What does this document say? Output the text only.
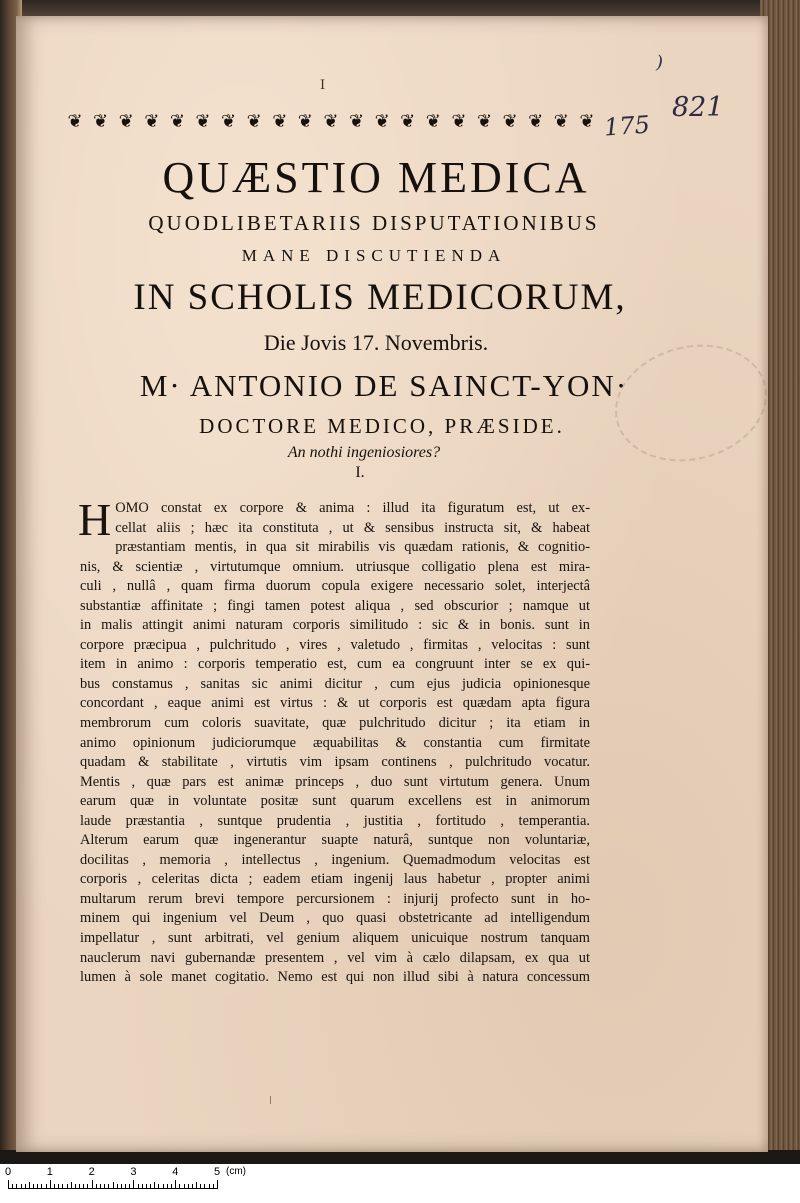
I
)
175
821
❦ ❦ ❦ ❦ ❦ ❦ ❦ ❦ ❦ ❦ ❦ ❦ ❦ ❦ ❦ ❦ ❦ ❦ ❦ ❦ ❦
QUÆSTIO MEDICA
QUODLIBETARIIS DISPUTATIONIBUS
MANE DISCUTIENDA
IN SCHOLIS MEDICORUM,
Die Jovis 17. Novembris.
M· ANTONIO DE SAINCT-YON·
DOCTORE MEDICO, PRÆSIDE.
An nothi ingeniosiores?
I.
H OMO constat ex corpore & anima : illud ita figuratum est, ut ex-
cellat aliis ; hæc ita constituta , ut & sensibus instructa sit, & habeat
præstantiam mentis, in qua sit mirabilis vis quædam rationis, & cognitio-
nis, & scientiæ , virtutumque omnium. utriusque colligatio plena est mira-
culi , nullâ , quam firma duorum copula exigere necessario solet, interjectâ
substantiæ affinitate ; fingi tamen potest aliqua , sed obscurior ; namque ut
in malis attingit animi naturam corporis similitudo : sic & in bonis. sunt in
corpore præcipua , pulchritudo , vires , valetudo , firmitas , velocitas : sunt
item in animo : corporis temperatio est, cum ea congruunt inter se ex qui-
bus constamus , sanitas sic animi dicitur , cum ejus judicia opinionesque
concordant , eaque animi est virtus : & ut corporis est quædam apta figura
membrorum cum coloris suavitate, quæ pulchritudo dicitur ; ita etiam in
animo opinionum judiciorumque æquabilitas & constantia cum firmitate
quadam & stabilitate , virtutis vim ipsam continens , pulchritudo vocatur.
Mentis , quæ pars est animæ princeps , duo sunt virtutum genera. Unum
earum quæ in voluntate positæ sunt quarum excellens est in animorum
laude præstantia , suntque prudentia , justitia , fortitudo , temperantia.
Alterum earum quæ ingenerantur suapte naturâ, suntque non voluntariæ,
docilitas , memoria , intellectus , ingenium. Quemadmodum velocitas est
corporis , celeritas dicta ; eadem etiam ingenij laus habetur , propter animi
multarum rerum brevi tempore percursionem : injurij profecto sunt in ho-
minem qui ingenium vel Deum , quo quasi obstetricante ad intelligendum
impellatur , sunt arbitrati, vel genium aliquem unicuique nostrum tanquam
nauclerum navi gubernandæ presentem , vel vim à cælo dilapsam, ex qua ut
lumen à sole manet cogitatio. Nemo est qui non illud sibi à natura concessum
(cm)
0	1	2	3	4	5
